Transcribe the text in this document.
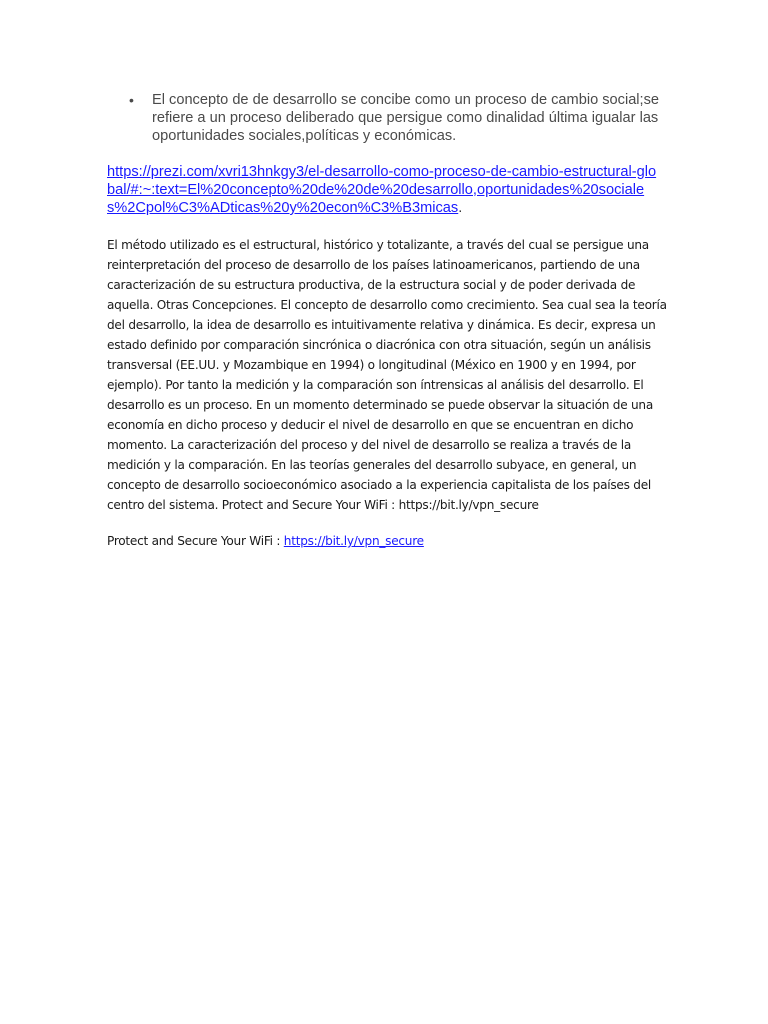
• El concepto de de desarrollo se concibe como un proceso de cambio social;se refiere a un proceso deliberado que persigue como dinalidad última igualar las oportunidades sociales,políticas y económicas.

https://prezi.com/xvri13hnkgy3/el-desarrollo-como-proceso-de-cambio-estructural-global/#:~:text=El%20concepto%20de%20de%20desarrollo,oportunidades%20sociales%2Cpol%C3%ADticas%20y%20econ%C3%B3micas.

El método utilizado es el estructural, histórico y totalizante, a través del cual se persigue una reinterpretación del proceso de desarrollo de los países latinoamericanos, partiendo de una caracterización de su estructura productiva, de la estructura social y de poder derivada de aquella. Otras Concepciones. El concepto de desarrollo como crecimiento. Sea cual sea la teoría del desarrollo, la idea de desarrollo es intuitivamente relativa y dinámica. Es decir, expresa un estado definido por comparación sincrónica o diacrónica con otra situación, según un análisis transversal (EE.UU. y Mozambique en 1994) o longitudinal (México en 1900 y en 1994, por ejemplo). Por tanto la medición y la comparación son íntrensicas al análisis del desarrollo. El desarrollo es un proceso. En un momento determinado se puede observar la situación de una economía en dicho proceso y deducir el nivel de desarrollo en que se encuentran en dicho momento. La caracterización del proceso y del nivel de desarrollo se realiza a través de la medición y la comparación. En las teorías generales del desarrollo subyace, en general, un concepto de desarrollo socioeconómico asociado a la experiencia capitalista de los países del centro del sistema. Protect and Secure Your WiFi : https://bit.ly/vpn_secure

Protect and Secure Your WiFi : https://bit.ly/vpn_secure
